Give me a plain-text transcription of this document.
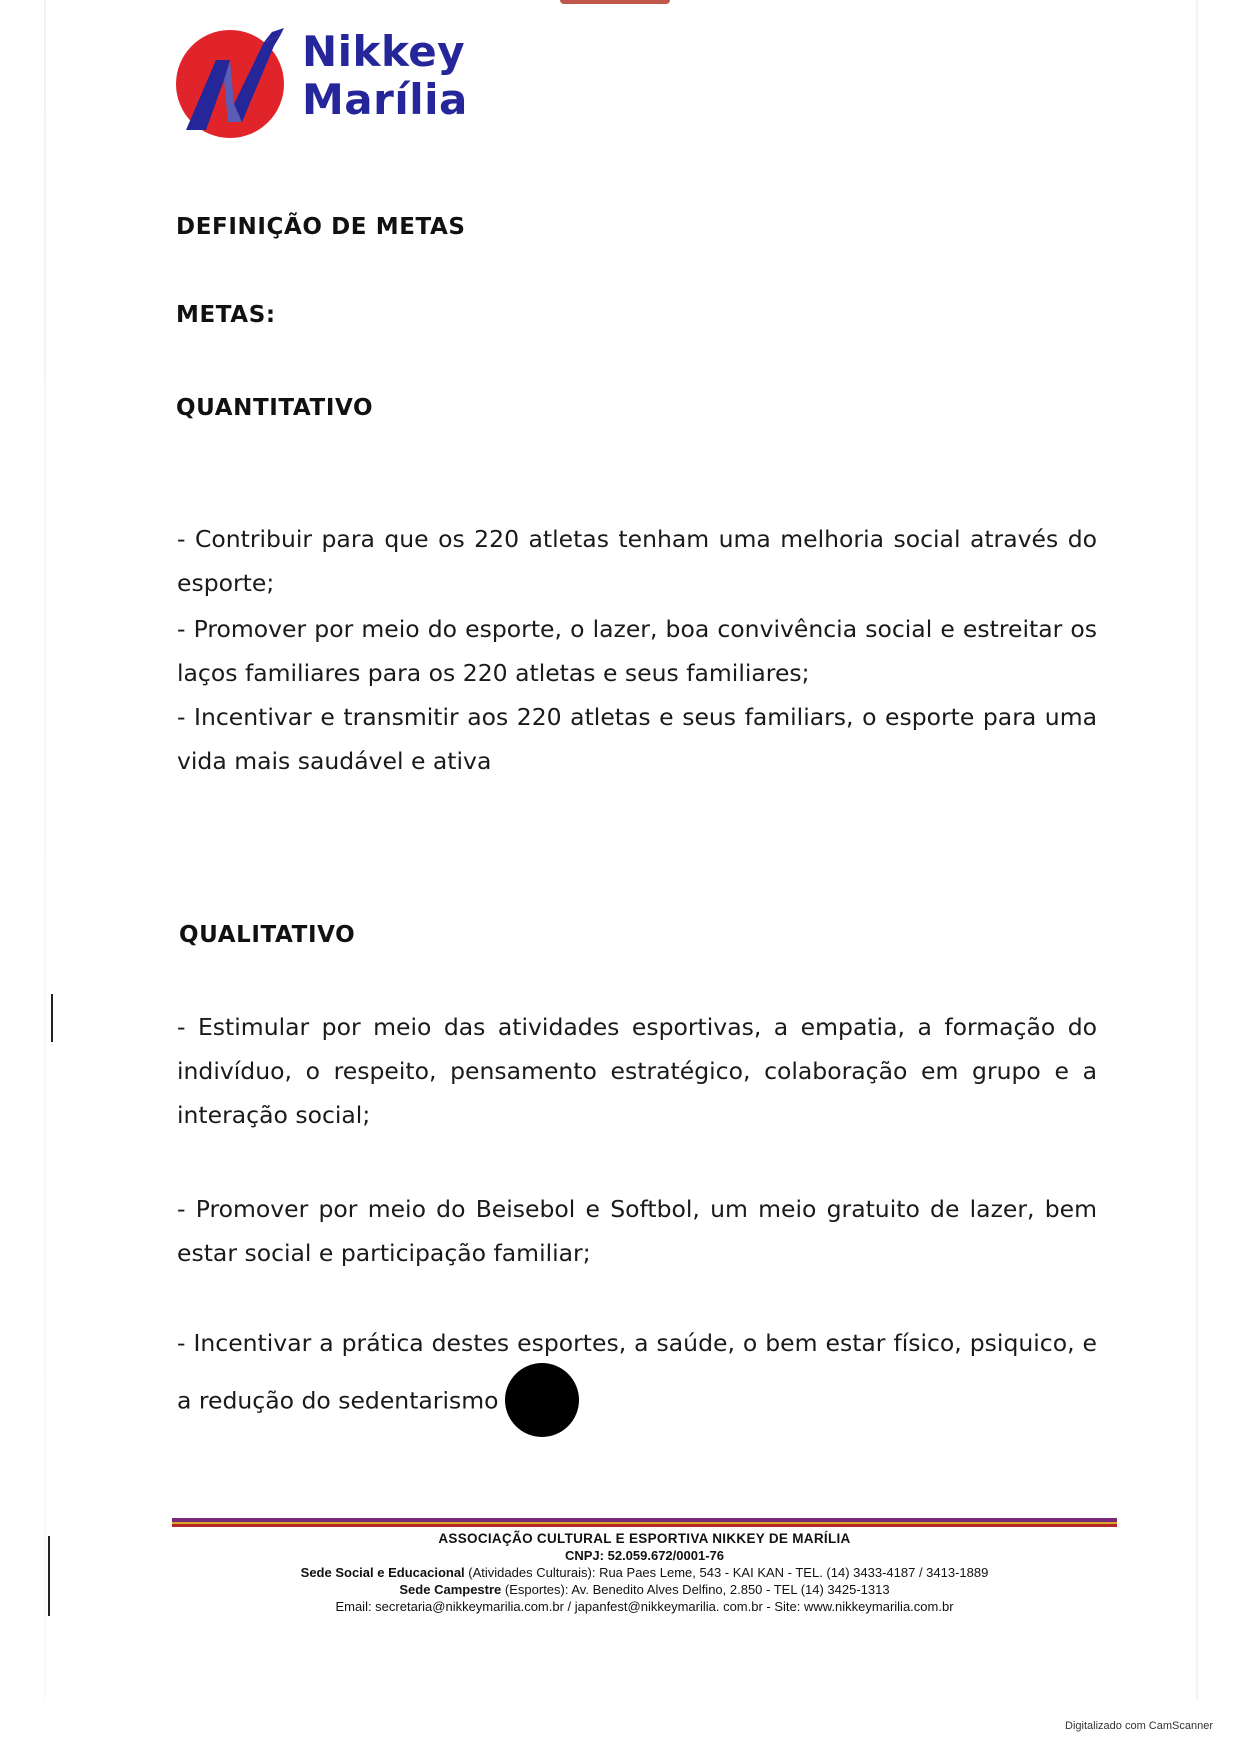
Nikkey
Marília
DEFINIÇÃO DE METAS
METAS:
QUANTITATIVO

- Contribuir para que os 220 atletas tenham uma melhoria social através do esporte;

- Promover por meio do esporte, o lazer, boa convivência social e estreitar os laços familiares para os 220 atletas e seus familiares;

- Incentivar e transmitir aos 220 atletas e seus familiars, o esporte para uma vida mais saudável e ativa

QUALITATIVO

- Estimular por meio das atividades esportivas, a empatia, a formação do indivíduo, o respeito, pensamento estratégico, colaboração em grupo e a interação social;

- Promover por meio do Beisebol e Softbol, um meio gratuito de lazer, bem estar social e participação familiar;

- Incentivar a prática destes esportes, a saúde, o bem estar físico, psiquico, e a redução do sedentarismo

ASSOCIAÇÃO CULTURAL E ESPORTIVA NIKKEY DE MARÍLIA
CNPJ: 52.059.672/0001-76
Sede Social e Educacional (Atividades Culturais): Rua Paes Leme, 543 - KAI KAN - TEL. (14) 3433-4187 / 3413-1889
Sede Campestre (Esportes): Av. Benedito Alves Delfino, 2.850 - TEL (14) 3425-1313
Email: secretaria@nikkeymarilia.com.br / japanfest@nikkeymarilia. com.br - Site: www.nikkeymarilia.com.br
Digitalizado com CamScanner
